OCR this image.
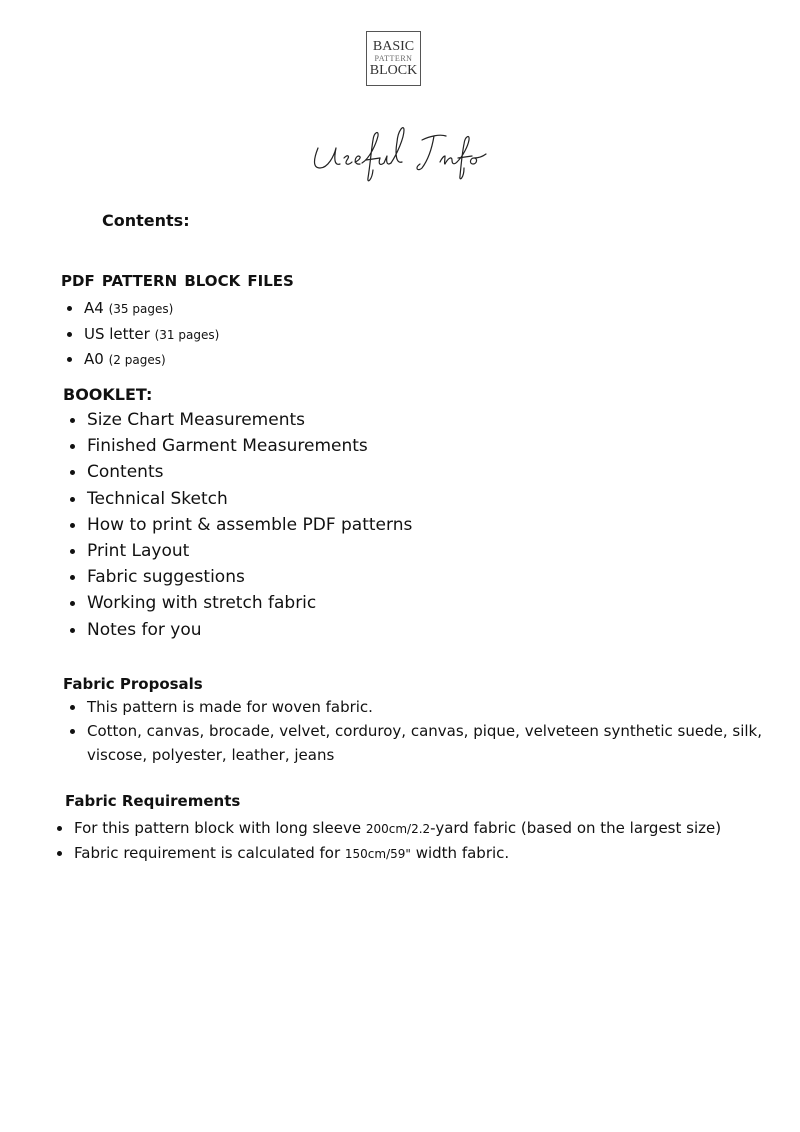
BASIC
PATTERN
BLOCK
Contents:
PDF PATTERN BLOCK FILES
A4 (35 pages)
US letter (31 pages)
A0 (2 pages)
BOOKLET:
Size Chart Measurements
Finished Garment Measurements
Contents
Technical Sketch
How to print & assemble PDF patterns
Print Layout
Fabric suggestions
Working with stretch fabric
Notes for you
Fabric Proposals
This pattern is made for woven fabric.
Cotton, canvas, brocade, velvet, corduroy, canvas, pique, velveteen synthetic suede, silk, viscose, polyester, leather, jeans
Fabric Requirements
For this pattern block with long sleeve 200cm/2.2-yard fabric (based on the largest size)
Fabric requirement is calculated for 150cm/59" width fabric.
